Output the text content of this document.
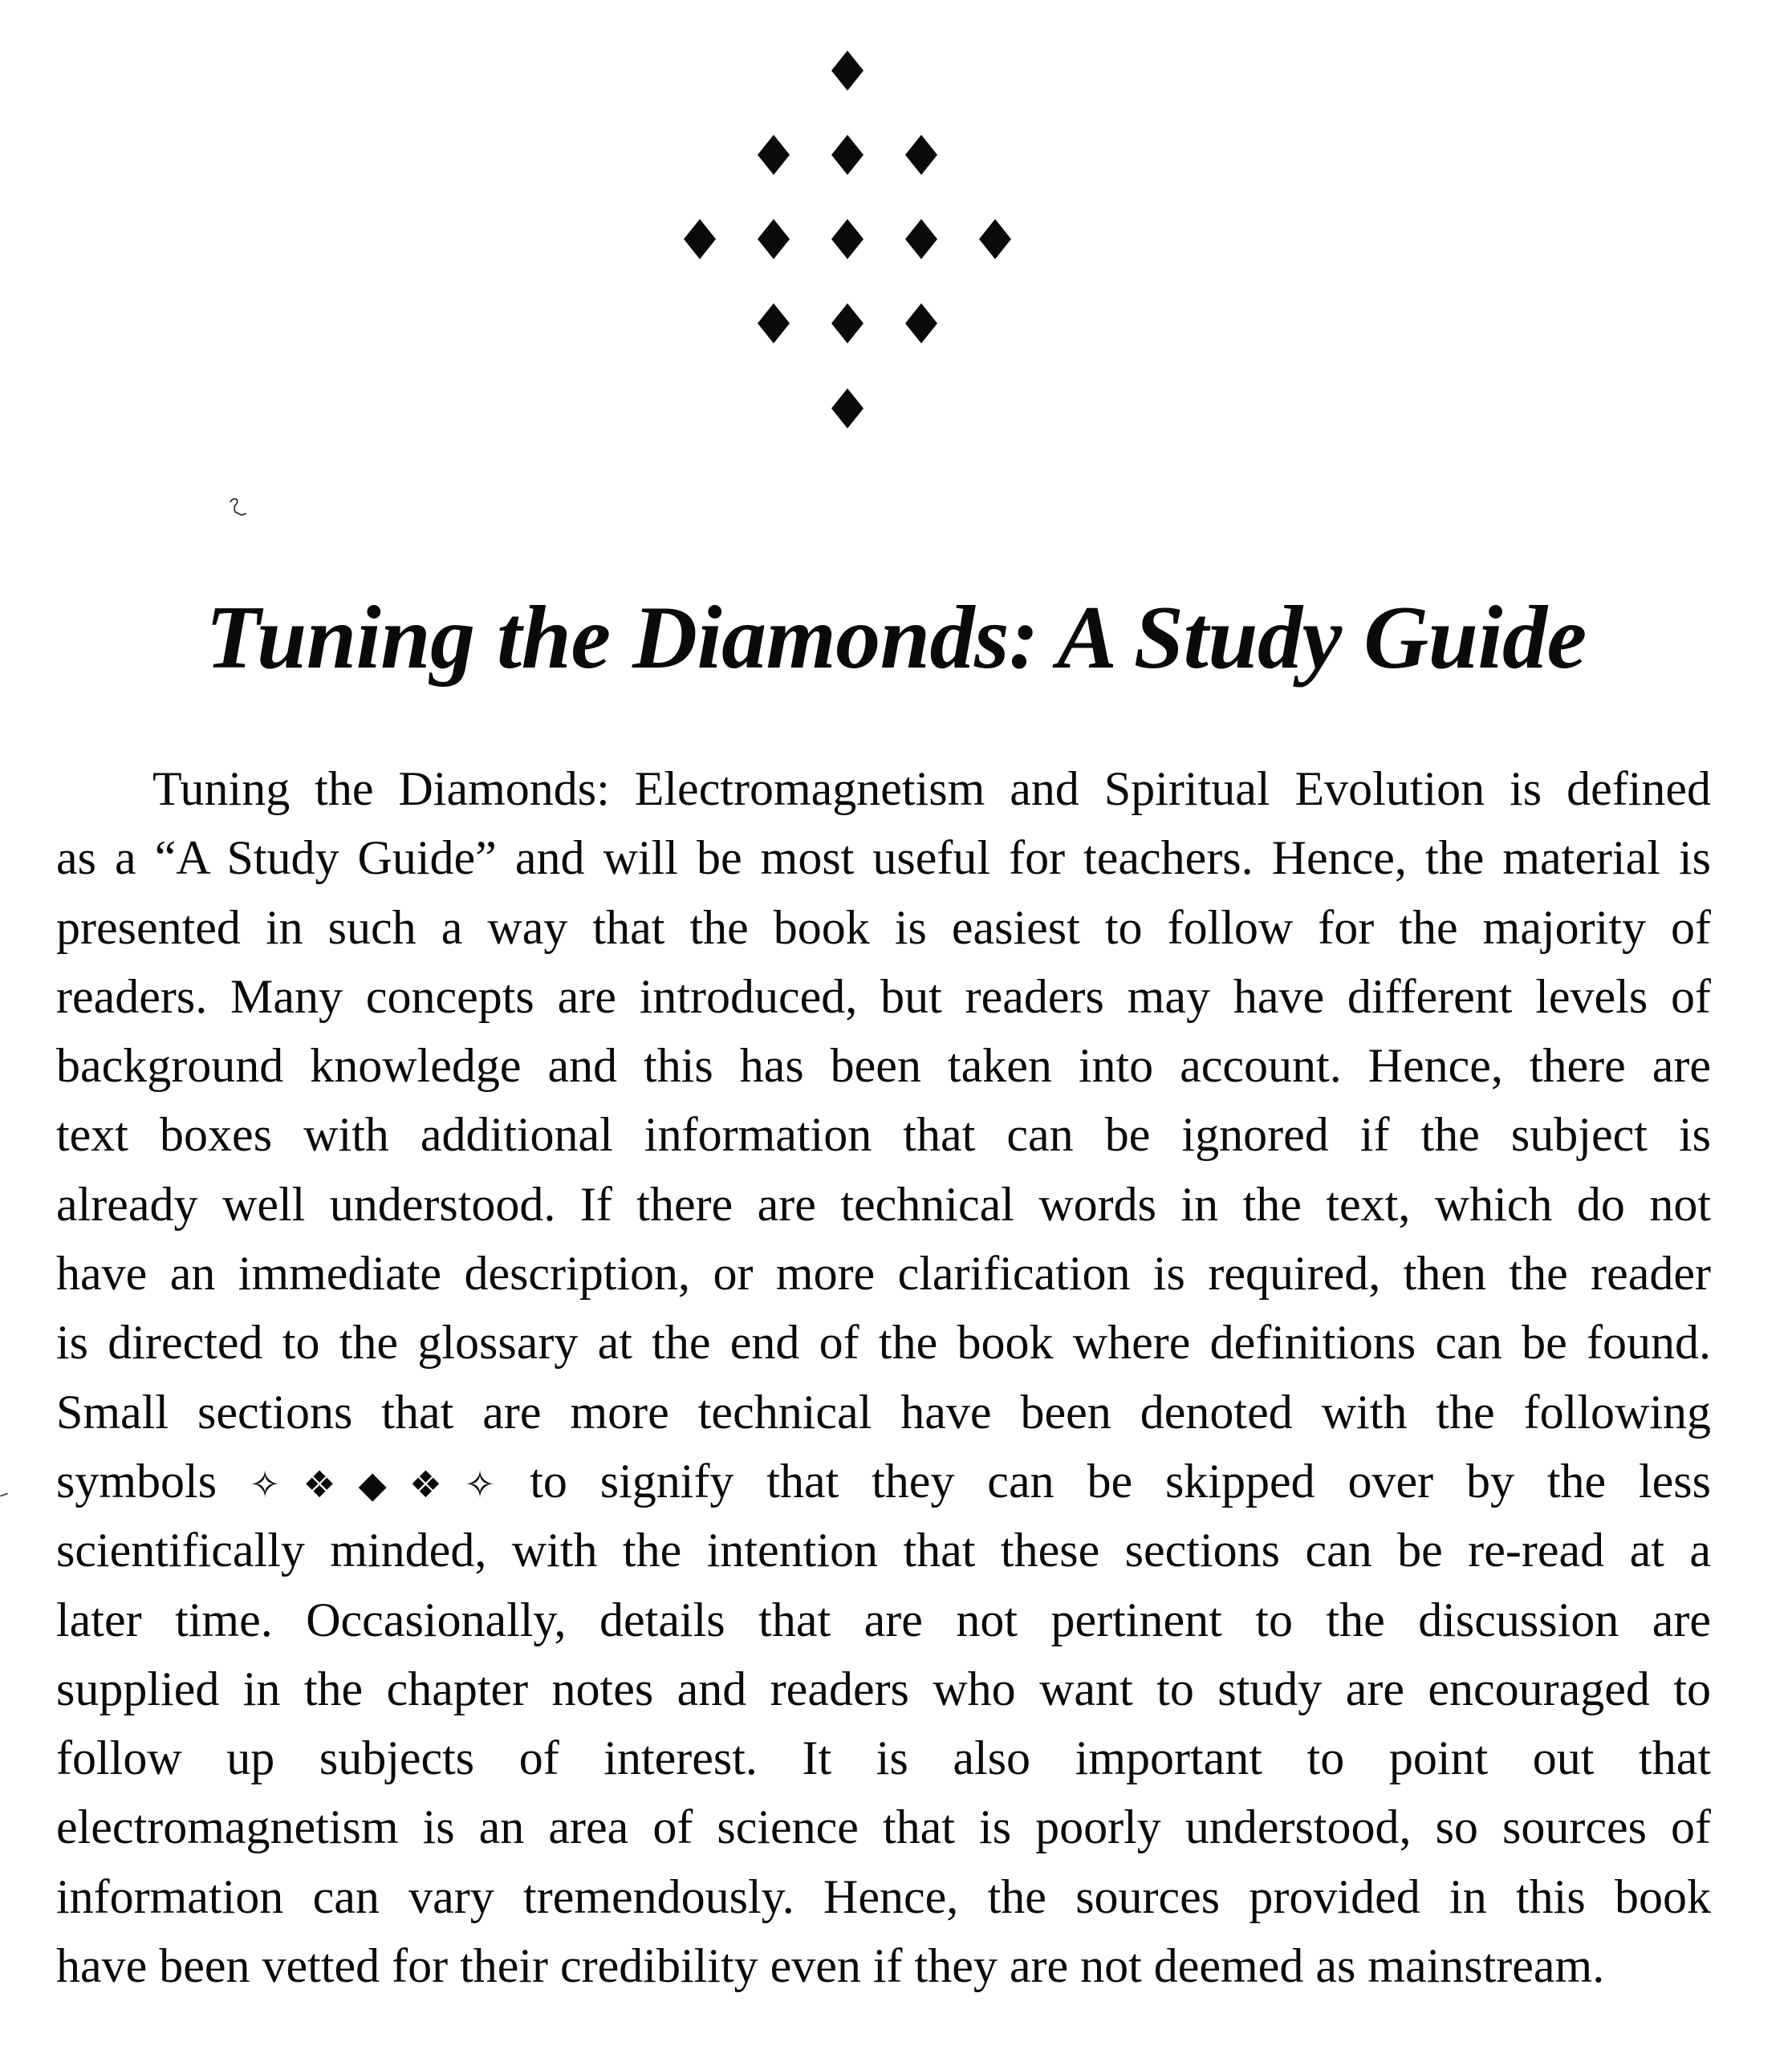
Tuning the Diamonds: A Study Guide
Tuning the Diamonds: Electromagnetism and Spiritual Evolution is defined
as a “A Study Guide” and will be most useful for teachers. Hence, the material is
presented in such a way that the book is easiest to follow for the majority of
readers. Many concepts are introduced, but readers may have different levels of
background knowledge and this has been taken into account. Hence, there are
text boxes with additional information that can be ignored if the subject is
already well understood. If there are technical words in the text, which do not
have an immediate description, or more clarification is required, then the reader
is directed to the glossary at the end of the book where definitions can be found.
Small sections that are more technical have been denoted with the following
symbols ✧❖◆❖✧ to signify that they can be skipped over by the less
scientifically minded, with the intention that these sections can be re-read at a
later time. Occasionally, details that are not pertinent to the discussion are
supplied in the chapter notes and readers who want to study are encouraged to
follow up subjects of interest. It is also important to point out that
electromagnetism is an area of science that is poorly understood, so sources of
information can vary tremendously. Hence, the sources provided in this book
have been vetted for their credibility even if they are not deemed as mainstream.
